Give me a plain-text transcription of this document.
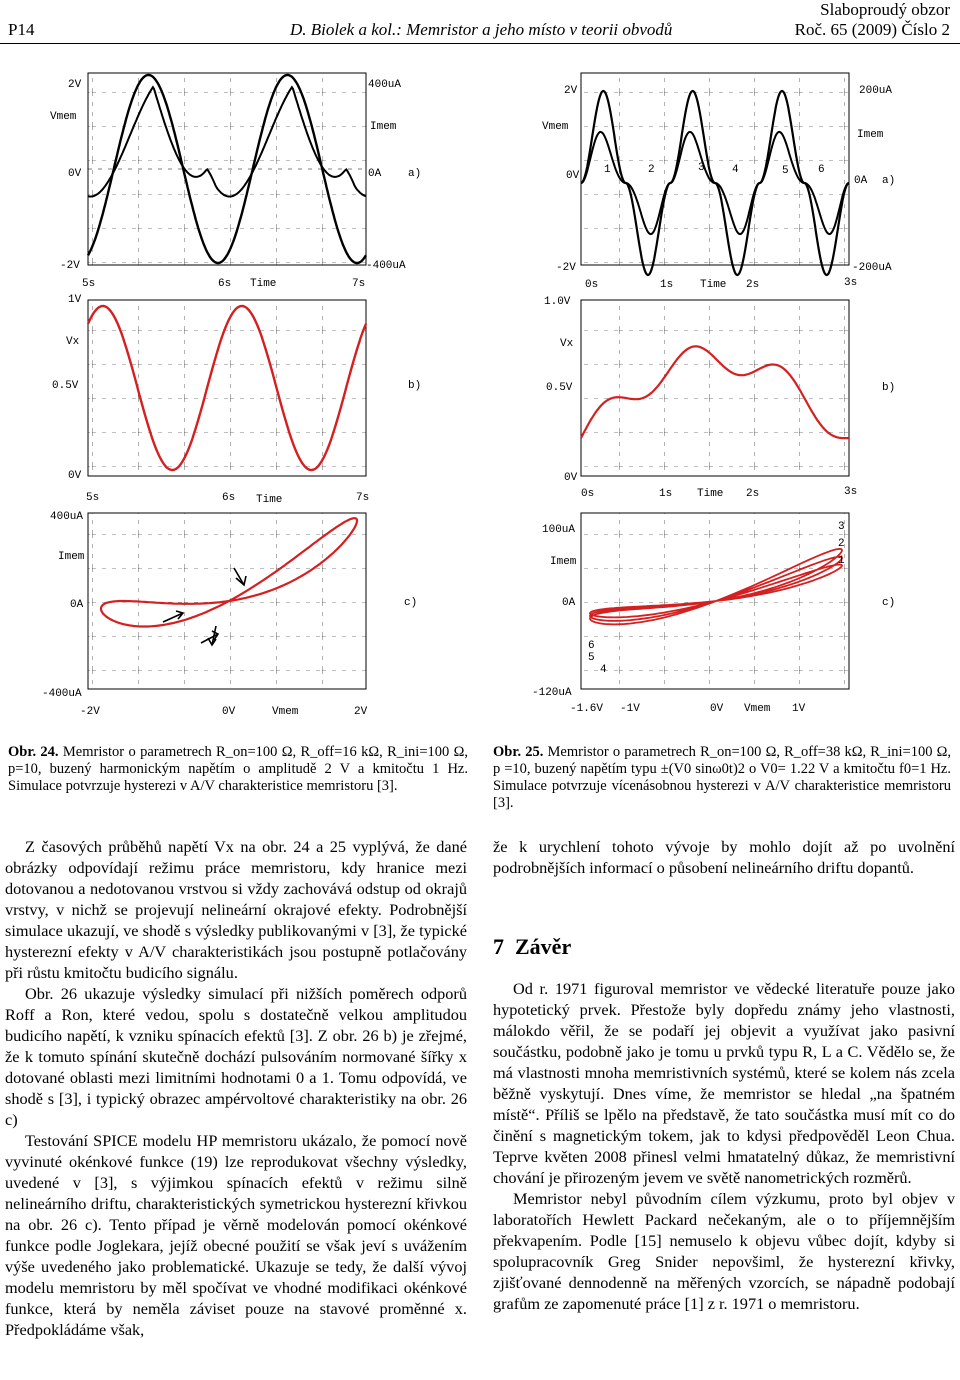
P14	D. Biolek a kol.: Memristor a jeho místo v teorii obvodů
Slaboproudý obzor
Roč. 65 (2009) Číslo 2
2V
Vmem
0V
-2V
400uA
Imem
0A a)
-400uA
5s	6s Time	7s
1V
Vx
0.5V	b)
0V
5s	6s Time	7s
400uA
Imem
0A	c)
-400uA
-2V	0V	Vmem	2V
2V
Vmem
0V
-2V
200uA
Imem
0A a)
-200uA
1	2	3 4	5	6
0s	1s Time 2s	3s
1.0V
Vx
0.5V	b)
0V
0s	1s Time 2s	3s
100uA
Imem
0A	c)
-120uA
3
2
1
6
5
4
-1.6V -1V	0V Vmem 1V
Obr. 24. Memristor o parametrech R_on=100 Ω, R_off=16 kΩ, R_ini=100 Ω, p=10, buzený harmonickým napětím o amplitudě 2 V a kmitočtu 1 Hz. Simulace potvrzuje hysterezi v A/V charakteristice memristoru [3].
Obr. 25. Memristor o parametrech R_on=100 Ω, R_off=38 kΩ, R_ini=100 Ω, p =10, buzený napětím typu ±(V0 sinω0t)2 o V0= 1.22 V a kmitočtu f0=1 Hz. Simulace potvrzuje vícenásobnou hysterezi v A/V charakteristice memristoru [3].

Z časových průběhů napětí Vx na obr. 24 a 25 vyplývá, že dané obrázky odpovídají režimu práce memristoru, kdy hranice mezi dotovanou a nedotovanou vrstvou si vždy zachovává odstup od okrajů vrstvy, v nichž se projevují nelineární okrajové efekty. Podrobnější simulace ukazují, ve shodě s výsledky publikovanými v [3], že typické hysterezní efekty v A/V charakteristikách jsou postupně potlačovány při růstu kmitočtu budicího signálu.

Obr. 26 ukazuje výsledky simulací při nižších poměrech odporů Roff a Ron, které vedou, spolu s dostatečně velkou amplitudou budicího napětí, k vzniku spínacích efektů [3]. Z obr. 26 b) je zřejmé, že k tomuto spínání skutečně dochází pulsováním normované šířky x dotované oblasti mezi limitními hodnotami 0 a 1. Tomu odpovídá, ve shodě s [3], i typický obrazec ampérvoltové charakteristiky na obr. 26 c)

Testování SPICE modelu HP memristoru ukázalo, že pomocí nově vyvinuté okénkové funkce (19) lze reprodukovat všechny výsledky, uvedené v [3], s výjimkou spínacích efektů v režimu silně nelineárního driftu, charakteristických symetrickou hysterezní křivkou na obr. 26 c). Tento případ je věrně modelován pomocí okénkové funkce podle Joglekara, jejíž obecné použití se však jeví s uvážením výše uvedeného jako problematické. Ukazuje se tedy, že další vývoj modelu memristoru by měl spočívat ve vhodné modifikaci okénkové funkce, která by neměla záviset pouze na stavové proměnné x. Předpokládáme však,

že k urychlení tohoto vývoje by mohlo dojít až po uvolnění podrobnějších informací o působení nelineárního driftu dopantů.

7  Závěr

Od r. 1971 figuroval memristor ve vědecké literatuře pouze jako hypotetický prvek. Přestože byly dopředu známy jeho vlastnosti, málokdo věřil, že se podaří jej objevit a využívat jako pasivní součástku, podobně jako je tomu u prvků typu R, L a C. Vědělo se, že má vlastnosti mnoha memristivních systémů, které se kolem nás zcela běžně vyskytují. Dnes víme, že memristor se hledal „na špatném místě“. Příliš se lpělo na představě, že tato součástka musí mít co do činění s magnetickým tokem, jak to kdysi předpověděl Leon Chua. Teprve květen 2008 přinesl velmi hmatatelný důkaz, že memristivní chování je přirozeným jevem ve světě nanometrických rozměrů.

Memristor nebyl původním cílem výzkumu, proto byl objev v laboratořích Hewlett Packard nečekaným, ale o to příjemnějším překvapením. Podle [15] nemuselo k objevu vůbec dojít, kdyby si spolupracovník Greg Snider nepovšiml, že hysterezní křivky, zjišťované dennodenně na měřených vzorcích, se nápadně podobají grafům ze zapomenuté práce [1] z r. 1971 o memristoru.
